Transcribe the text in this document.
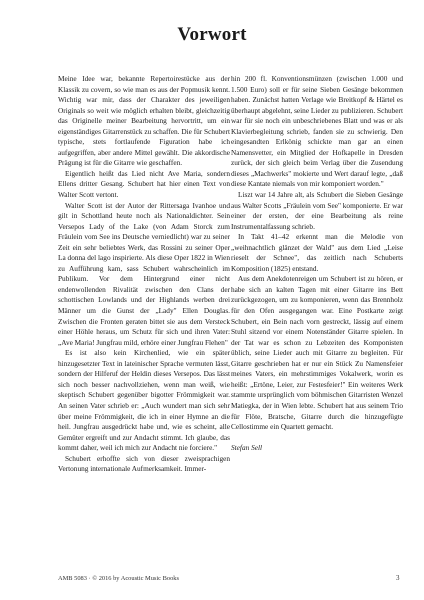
Vorwort

Meine Idee war, bekannte Repertoirestücke aus der Klassik zu covern, so wie man es aus der Popmusik kennt. Wichtig war mir, dass der Charakter des jeweiligen Originals so weit wie möglich erhalten bleibt, gleichzeitig das Originelle meiner Bearbeitung hervortritt, um ein eigenständiges Gitarrenstück zu schaffen. Die für Schubert typische, stets fortlaufende Figuration habe ich aufgegriffen, aber andere Mittel gewählt. Die akkordische Prägung ist für die Gitarre wie geschaffen.

Eigentlich heißt das Lied nicht Ave Maria, sondern Ellens dritter Gesang. Schubert hat hier einen Text von Walter Scott vertont.

Walter Scott ist der Autor der Rittersaga Ivanhoe und gilt in Schottland heute noch als Nationaldichter. Sein Versepos Lady of the Lake (von Adam Storck zum Fräulein vom See ins Deutsche verniedlicht) war zu seiner Zeit ein sehr beliebtes Werk, das Rossini zu seiner Oper La donna del lago inspirierte. Als diese Oper 1822 in Wien zu Aufführung kam, sass Schubert wahrscheinlich im Publikum. Vor dem Hintergrund einer nicht endenwollenden Rivalität zwischen den Clans der schottischen Lowlands und der Highlands werben drei Männer um die Gunst der „Lady" Ellen Douglas. Zwischen die Fronten geraten bittet sie aus dem Versteck einer Höhle heraus, um Schutz für sich und ihren Vater: „Ave Maria! Jungfrau mild, erhöre einer Jungfrau Flehen"

Es ist also kein Kirchenlied, wie ein später hinzugesetzter Text in lateinischer Sprache vermuten lässt, sondern der Hilferuf der Heldin dieses Versepos. Das lässt sich noch besser nachvollziehen, wenn man weiß, wie skeptisch Schubert gegenüber bigotter Frömmigkeit war. An seinen Vater schrieb er: „Auch wundert man sich sehr über meine Frömmigkeit, die ich in einer Hymne an die heil. Jungfrau ausgedrückt habe und, wie es scheint, alle Gemüter ergreift und zur Andacht stimmt. Ich glaube, das kommt daher, weil ich mich zur Andacht nie forciere."

Schubert erhoffte sich von dieser zweisprachigen Vertonung internationale Aufmerksamkeit. Immer-

hin 200 fl. Konventionsmünzen (zwischen 1.000 und 1.500 Euro) soll er für seine Sieben Gesänge bekommen haben. Zunächst hatten Verlage wie Breitkopf & Härtel es überhaupt abgelehnt, seine Lieder zu publizieren. Schubert war für sie noch ein unbeschriebenes Blatt und was er als Klavierbegleitung schrieb, fanden sie zu schwierig. Den eingesandten Erlkönig schickte man gar an einen Namensvetter, ein Mitglied der Hofkapelle in Dresden zurück, der sich gleich beim Verlag über die Zusendung dieses „Machwerks" mokierte und Wert darauf legte, „daß diese Kantate niemals von mir komponiert worden."

Liszt war 14 Jahre alt, als Schubert die Sieben Gesänge aus Walter Scotts „Fräulein vom See" komponierte. Er war einer der ersten, der eine Bearbeitung als reine Instrumentalfassung schrieb.

In Takt 41–42 erkennt man die Melodie von „weihnachtlich glänzet der Wald" aus dem Lied „Leise rieselt der Schnee", das zeitlich nach Schuberts Komposition (1825) entstand.

Aus dem Anekdotenreigen um Schubert ist zu hören, er habe sich an kalten Tagen mit einer Gitarre ins Bett zurückgezogen, um zu komponieren, wenn das Brennholz für den Ofen ausgegangen war. Eine Postkarte zeigt Schubert, ein Bein nach vorn gestreckt, lässig auf einem Stuhl sitzend vor einem Notenständer Gitarre spielen. In der Tat war es schon zu Lebzeiten des Komponisten üblich, seine Lieder auch mit Gitarre zu begleiten. Für Gitarre geschrieben hat er nur ein Stück Zu Namensfeier meines Vaters, ein mehrstimmiges Vokalwerk, worin es heißt: „Ertöne, Leier, zur Festesfeier!" Ein weiteres Werk stammte ursprünglich vom böhmischen Gitarristen Wenzel Matiegka, der in Wien lebte. Schubert hat aus seinem Trio für Flöte, Bratsche, Gitarre durch die hinzugefügte Cellostimme ein Quartett gemacht.

Stefan Sell

AMB 5083 · © 2016 by Acoustic Music Books	3
